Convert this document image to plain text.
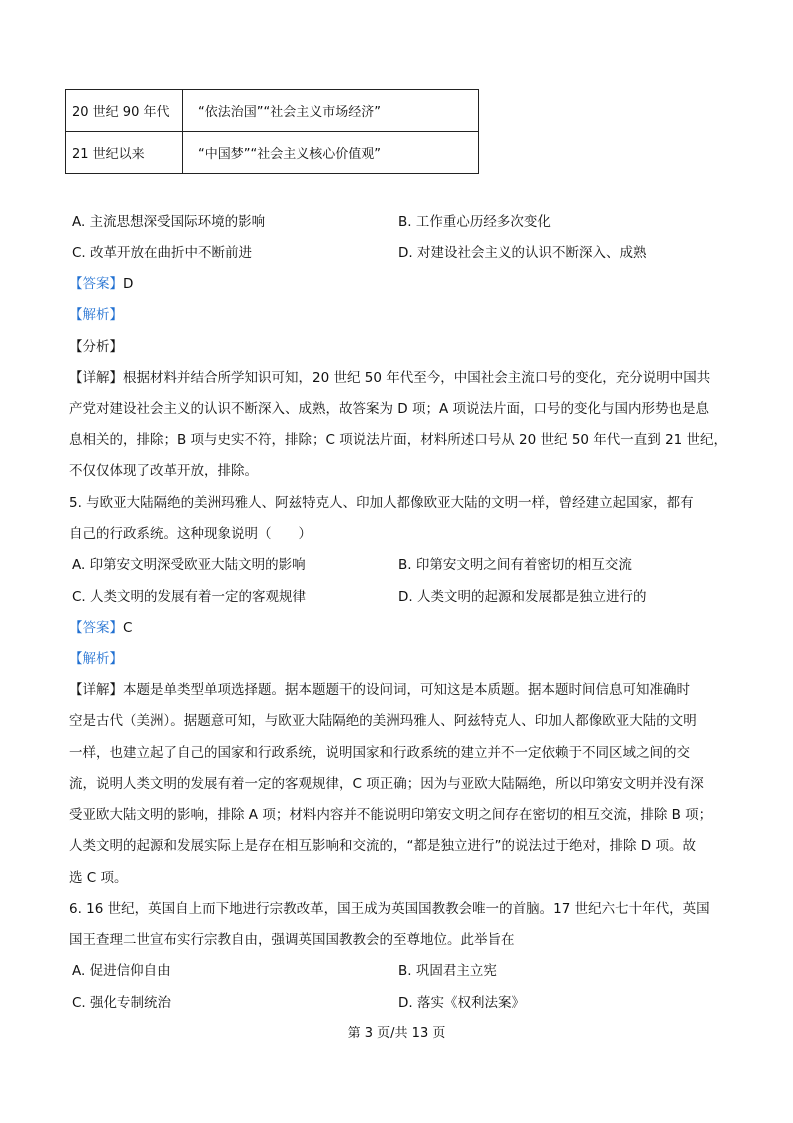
20 世纪 90 年代	“依法治国”“社会主义市场经济”
21 世纪以来	“中国梦”“社会主义核心价值观”
A. 主流思想深受国际环境的影响	B. 工作重心历经多次变化
C. 改革开放在曲折中不断前进	D. 对建设社会主义的认识不断深入、成熟
【答案】D
【解析】
【分析】
【详解】根据材料并结合所学知识可知，20 世纪 50 年代至今，中国社会主流口号的变化，充分说明中国共
产党对建设社会主义的认识不断深入、成熟，故答案为 D 项；A 项说法片面，口号的变化与国内形势也是息
息相关的，排除；B 项与史实不符，排除；C 项说法片面，材料所述口号从 20 世纪 50 年代一直到 21 世纪，
不仅仅体现了改革开放，排除。
5. 与欧亚大陆隔绝的美洲玛雅人、阿兹特克人、印加人都像欧亚大陆的文明一样，曾经建立起国家，都有
自己的行政系统。这种现象说明（　　）
A. 印第安文明深受欧亚大陆文明的影响	B. 印第安文明之间有着密切的相互交流
C. 人类文明的发展有着一定的客观规律	D. 人类文明的起源和发展都是独立进行的
【答案】C
【解析】
【详解】本题是单类型单项选择题。据本题题干的设问词，可知这是本质题。据本题时间信息可知准确时
空是古代（美洲）。据题意可知，与欧亚大陆隔绝的美洲玛雅人、阿兹特克人、印加人都像欧亚大陆的文明
一样，也建立起了自己的国家和行政系统，说明国家和行政系统的建立并不一定依赖于不同区域之间的交
流，说明人类文明的发展有着一定的客观规律，C 项正确；因为与亚欧大陆隔绝，所以印第安文明并没有深
受亚欧大陆文明的影响，排除 A 项；材料内容并不能说明印第安文明之间存在密切的相互交流，排除 B 项；
人类文明的起源和发展实际上是存在相互影响和交流的，“都是独立进行”的说法过于绝对，排除 D 项。故
选 C 项。
6. 16 世纪，英国自上而下地进行宗教改革，国王成为英国国教教会唯一的首脑。17 世纪六七十年代，英国
国王查理二世宣布实行宗教自由，强调英国国教教会的至尊地位。此举旨在
A. 促进信仰自由	B. 巩固君主立宪
C. 强化专制统治	D. 落实《权利法案》
第 3 页/共 13 页
